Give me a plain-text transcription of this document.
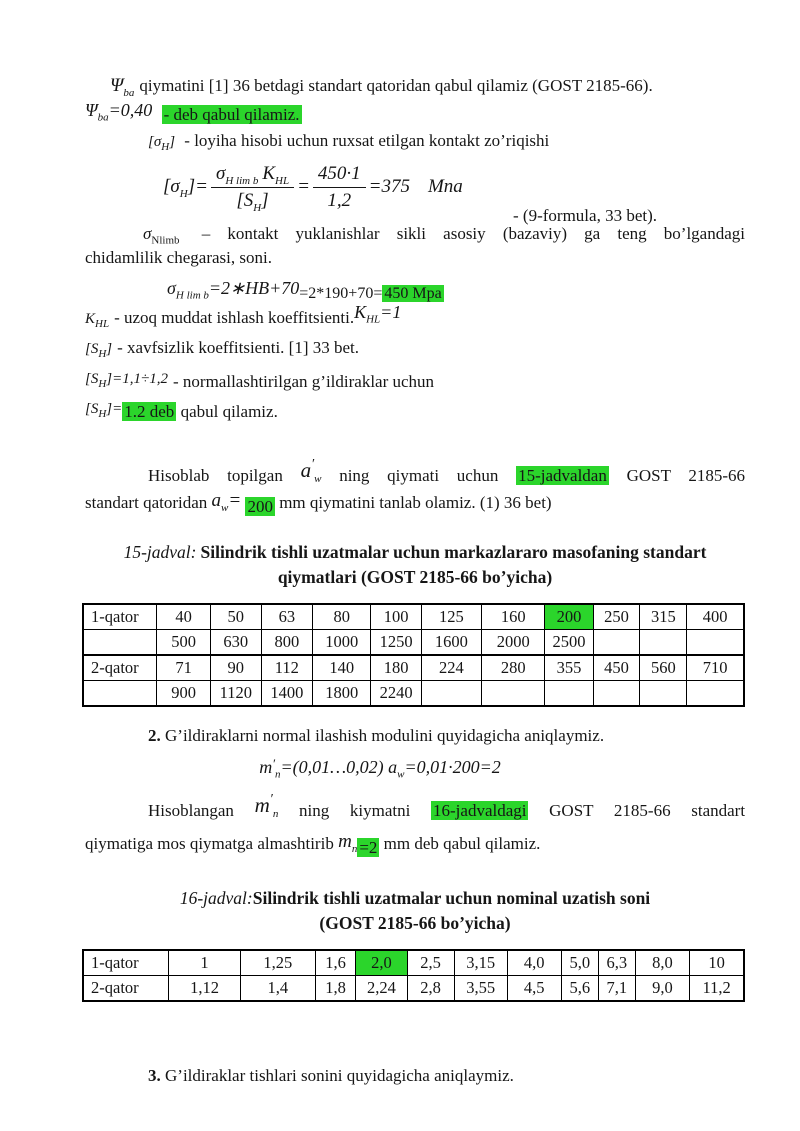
$\Psi_{ba}$ qiymatini [1] 36 betdagi standart qatoridan qabul qilamiz (GOST 2185-66).

$\Psi_{ba}=0,40$ - deb qabul qilamiz.

$[\sigma_H]$ - loyiha hisobi uchun ruxsat etilgan kontakt zo’riqishi

$[\sigma_H]= \frac{\sigma_{H lim b} K_{HL}}{[S_H]} = \frac{450\cdot 1}{1,2} =375$ Mna
- (9-formula, 33 bet).
$\sigma_{Nlimb}$ – kontakt yuklanishlar sikli asosiy (bazaviy) ga teng bo’lgandagi
chidamlilik chegarasi, soni.
$\sigma_{H lim b}=2∗HB+70=2*190+70= 450$ Mpa

$K_{HL}$ - uzoq muddat ishlash $koeffitsienti.K_{HL}=1$

$[S_H]$ - xavfsizlik koeffitsienti. [1] 33 bet.

$[S_H]=1,1\div 1,2$ - normallashtirilgan g’ildiraklar uchun

$[S_H]= 1.2$ deb qabul qilamiz.

Hisoblab topilgan $a'_w$ ning qiymati uchun 15-jadvaldan GOST 2185-66
standart qatoridan $a_w= 200$ mm qiymatini tanlab olamiz. (1) 36 bet)

15-jadval: Silindrik tishli uzatmalar uchun markazlararo masofaning standart qiymatlari (GOST 2185-66 bo’yicha)

1-qator	40	50	63	80	100	125	160	200	250	315	400
	500	630	800	1000	1250	1600	2000	2500			
2-qator	71	90	112	140	180	224	280	355	450	560	710
	900	1120	1400	1800	2240						

2. G’ildiraklarni normal ilashish modulini quyidagicha aniqlaymiz.

$m'_n=(0,01\dots 0,02)$ $a_w=0,01\cdot 200=2$
Hisoblangan $m'_n$ ning kiymatni 16-jadvaldagi GOST 2185-66 standart
qiymatiga mos qiymatga almashtirib $m_n =2$ mm deb qabul qilamiz.

16-jadval:Silindrik tishli uzatmalar uchun nominal uzatish soni
(GOST 2185-66 bo’yicha)

1-qator	1	1,25	1,6	2,0	2,5	3,15	4,0	5,0	6,3	8,0	10
2-qator	1,12	1,4	1,8	2,24	2,8	3,55	4,5	5,6	7,1	9,0	11,2

3. G’ildiraklar tishlari sonini quyidagicha aniqlaymiz.
